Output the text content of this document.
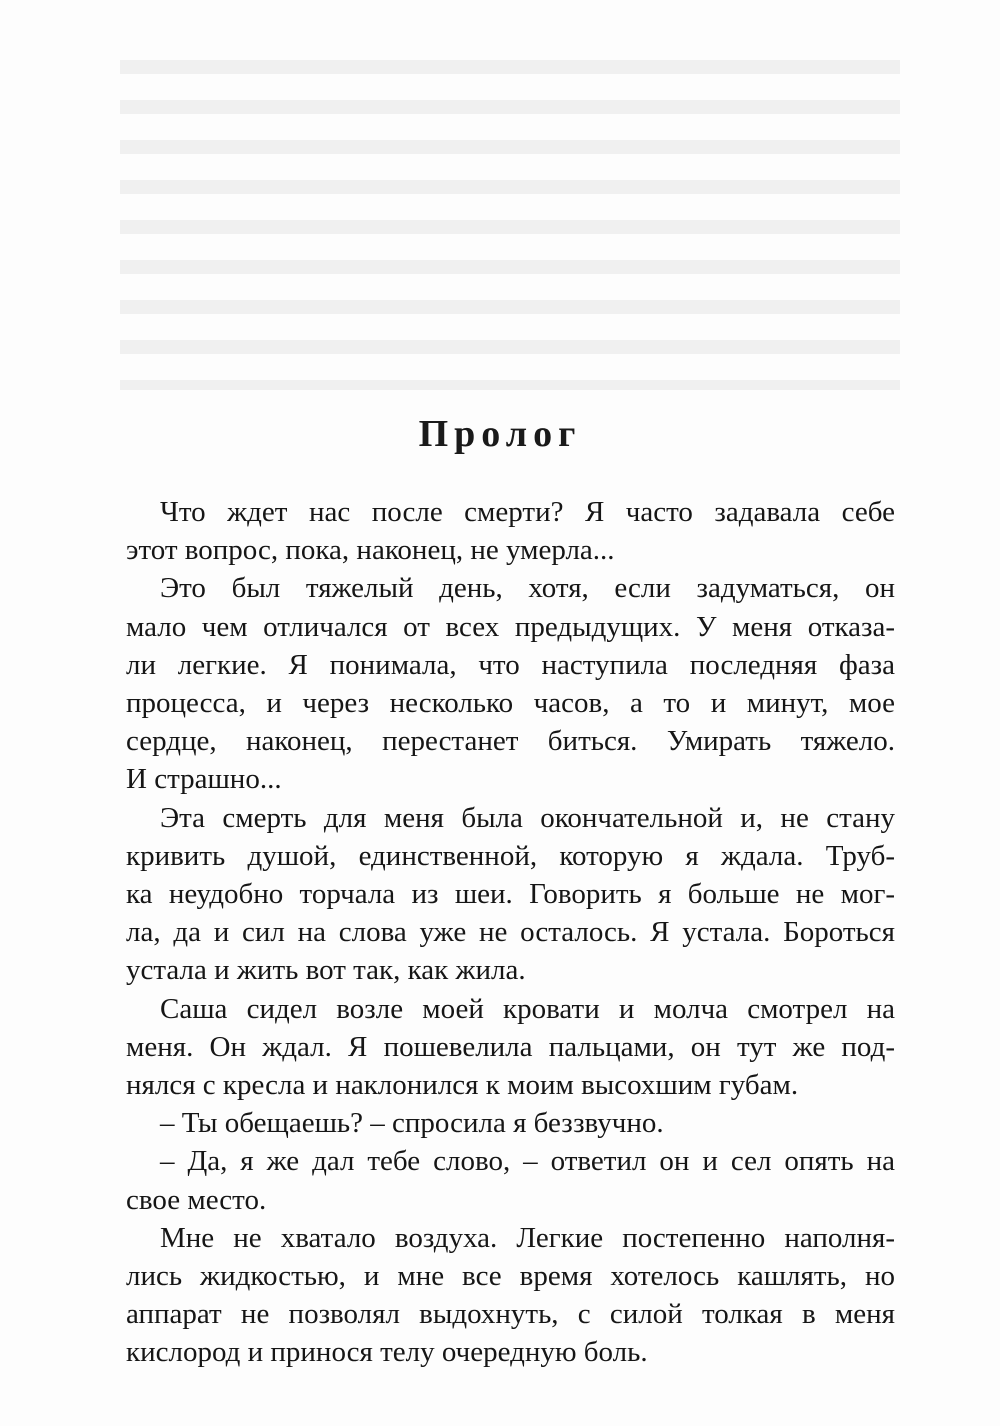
Пролог
Что ждет нас после смерти? Я часто задавала себе
этот вопрос, пока, наконец, не умерла...
Это был тяжелый день, хотя, если задуматься, он
мало чем отличался от всех предыдущих. У меня отказа-
ли легкие. Я понимала, что наступила последняя фаза
процесса, и через несколько часов, а то и минут, мое
сердце, наконец, перестанет биться. Умирать тяжело.
И страшно...
Эта смерть для меня была окончательной и, не стану
кривить душой, единственной, которую я ждала. Труб-
ка неудобно торчала из шеи. Говорить я больше не мог-
ла, да и сил на слова уже не осталось. Я устала. Бороться
устала и жить вот так, как жила.
Саша сидел возле моей кровати и молча смотрел на
меня. Он ждал. Я пошевелила пальцами, он тут же под-
нялся с кресла и наклонился к моим высохшим губам.
– Ты обещаешь? – спросила я беззвучно.
– Да, я же дал тебе слово, – ответил он и сел опять на
свое место.
Мне не хватало воздуха. Легкие постепенно наполня-
лись жидкостью, и мне все время хотелось кашлять, но
аппарат не позволял выдохнуть, с силой толкая в меня
кислород и принося телу очередную боль.
